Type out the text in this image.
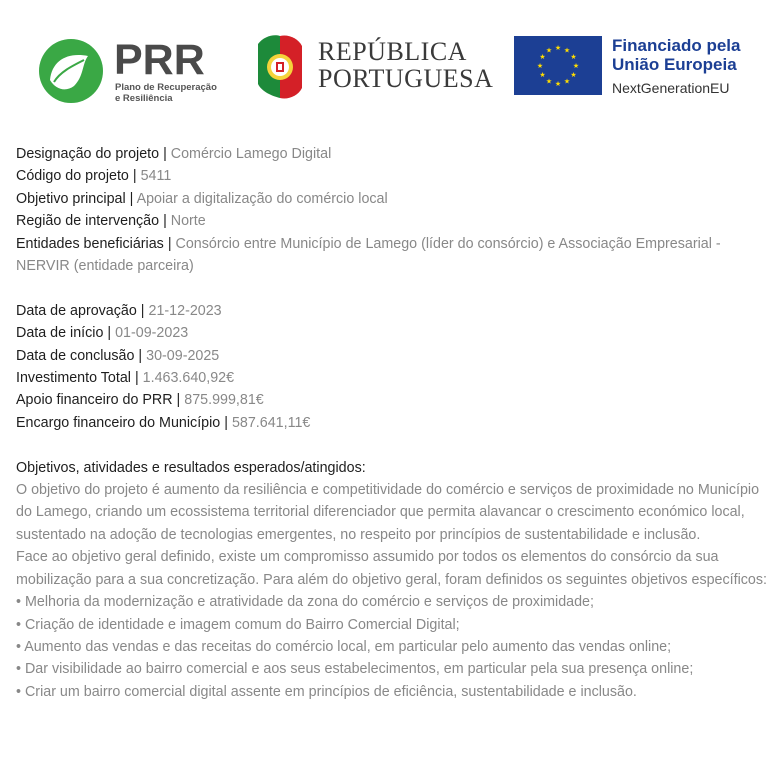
PRR
Plano de Recuperação
e Resiliência
REPÚBLICA
PORTUGUESA
★ ★
★
★
★
★
★
★
★
★
★
★	Financiado pela
União Europeia
NextGenerationEU
Designação do projeto | Comércio Lamego Digital
Código do projeto | 5411
Objetivo principal | Apoiar a digitalização do comércio local
Região de intervenção | Norte
Entidades beneficiárias | Consórcio entre Município de Lamego (líder do consórcio) e Associação Empresarial - NERVIR (entidade parceira)
Data de aprovação | 21-12-2023
Data de início | 01-09-2023
Data de conclusão | 30-09-2025
Investimento Total | 1.463.640,92€
Apoio financeiro do PRR | 875.999,81€
Encargo financeiro do Município | 587.641,11€
Objetivos, atividades e resultados esperados/atingidos:
O objetivo do projeto é aumento da resiliência e competitividade do comércio e serviços de proximidade no Município do Lamego, criando um ecossistema territorial diferenciador que permita alavancar o crescimento económico local, sustentado na adoção de tecnologias emergentes, no respeito por princípios de sustentabilidade e inclusão.
Face ao objetivo geral definido, existe um compromisso assumido por todos os elementos do consórcio da sua mobilização para a sua concretização. Para além do objetivo geral, foram definidos os seguintes objetivos específicos:
• Melhoria da modernização e atratividade da zona do comércio e serviços de proximidade;
• Criação de identidade e imagem comum do Bairro Comercial Digital;
• Aumento das vendas e das receitas do comércio local, em particular pelo aumento das vendas online;
• Dar visibilidade ao bairro comercial e aos seus estabelecimentos, em particular pela sua presença online;
• Criar um bairro comercial digital assente em princípios de eficiência, sustentabilidade e inclusão.
